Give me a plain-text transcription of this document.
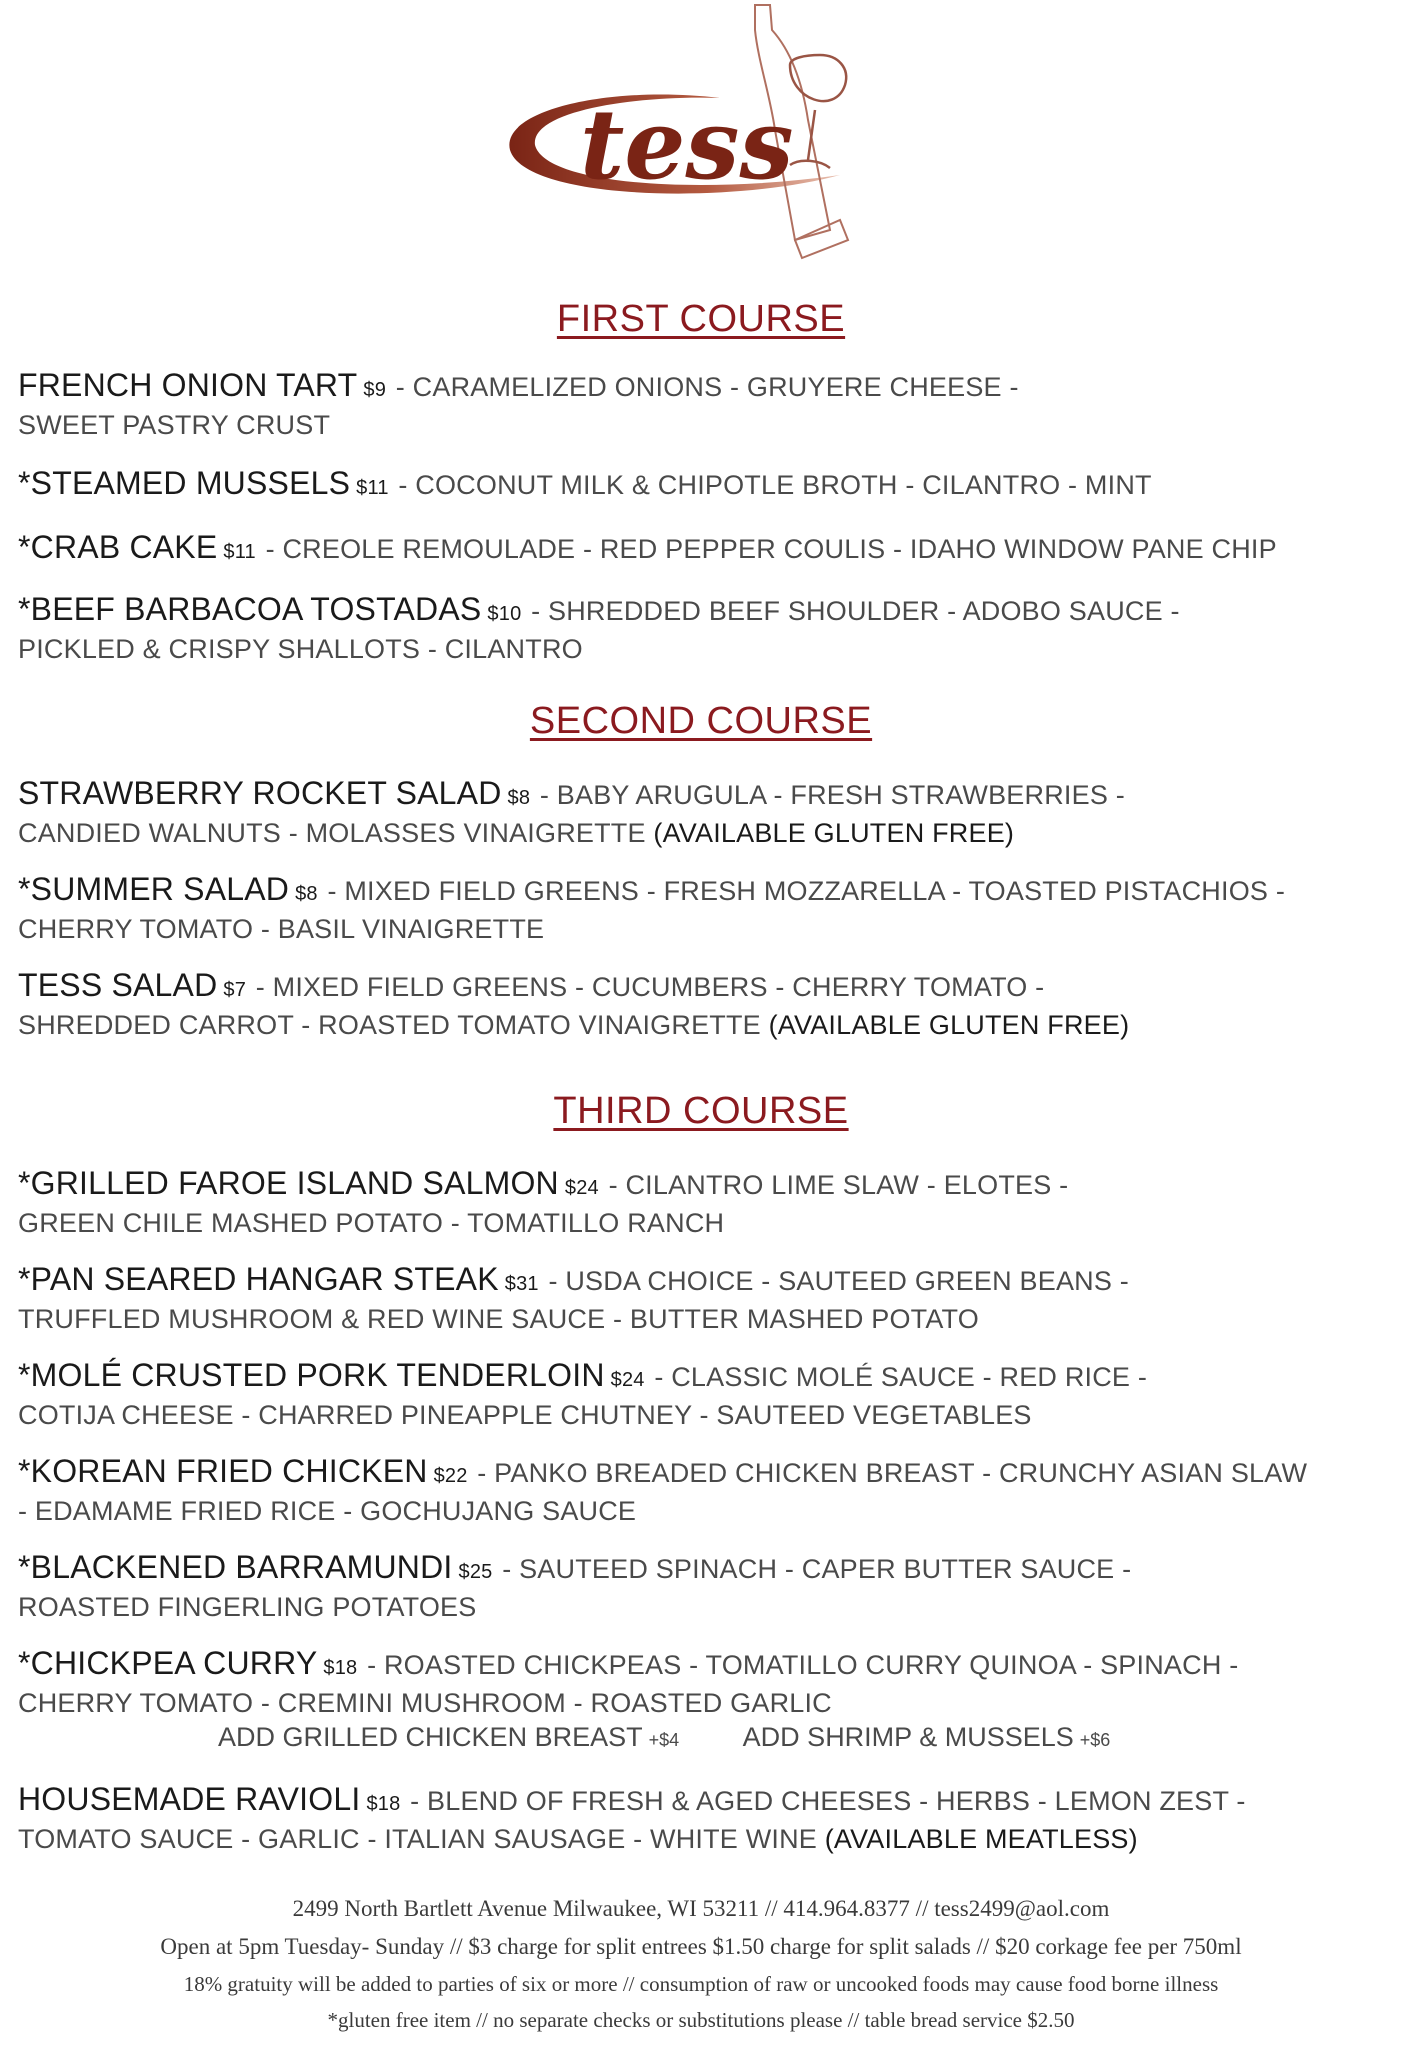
tess
FIRST COURSE
FRENCH ONION TART $9 - CARAMELIZED ONIONS - GRUYERE CHEESE -
SWEET PASTRY CRUST
*STEAMED MUSSELS $11 - COCONUT MILK & CHIPOTLE BROTH - CILANTRO - MINT
*CRAB CAKE $11 - CREOLE REMOULADE - RED PEPPER COULIS - IDAHO WINDOW PANE CHIP
*BEEF BARBACOA TOSTADAS $10 - SHREDDED BEEF SHOULDER - ADOBO SAUCE -
PICKLED & CRISPY SHALLOTS - CILANTRO
SECOND COURSE
STRAWBERRY ROCKET SALAD $8 - BABY ARUGULA - FRESH STRAWBERRIES -
CANDIED WALNUTS - MOLASSES VINAIGRETTE (AVAILABLE GLUTEN FREE)
*SUMMER SALAD $8 - MIXED FIELD GREENS - FRESH MOZZARELLA - TOASTED PISTACHIOS -
CHERRY TOMATO - BASIL VINAIGRETTE
TESS SALAD $7 - MIXED FIELD GREENS - CUCUMBERS - CHERRY TOMATO -
SHREDDED CARROT - ROASTED TOMATO VINAIGRETTE (AVAILABLE GLUTEN FREE)
THIRD COURSE
*GRILLED FAROE ISLAND SALMON $24 - CILANTRO LIME SLAW - ELOTES -
GREEN CHILE MASHED POTATO - TOMATILLO RANCH
*PAN SEARED HANGAR STEAK $31 - USDA CHOICE - SAUTEED GREEN BEANS -
TRUFFLED MUSHROOM & RED WINE SAUCE - BUTTER MASHED POTATO
*MOLÉ CRUSTED PORK TENDERLOIN $24 - CLASSIC MOLÉ SAUCE - RED RICE -
COTIJA CHEESE - CHARRED PINEAPPLE CHUTNEY - SAUTEED VEGETABLES
*KOREAN FRIED CHICKEN $22 - PANKO BREADED CHICKEN BREAST - CRUNCHY ASIAN SLAW
- EDAMAME FRIED RICE - GOCHUJANG SAUCE
*BLACKENED BARRAMUNDI $25 - SAUTEED SPINACH - CAPER BUTTER SAUCE -
ROASTED FINGERLING POTATOES
*CHICKPEA CURRY $18 - ROASTED CHICKPEAS - TOMATILLO CURRY QUINOA - SPINACH -
CHERRY TOMATO - CREMINI MUSHROOM - ROASTED GARLIC
ADD GRILLED CHICKEN BREAST +$4 ADD SHRIMP & MUSSELS +$6
HOUSEMADE RAVIOLI $18 - BLEND OF FRESH & AGED CHEESES - HERBS - LEMON ZEST -
TOMATO SAUCE - GARLIC - ITALIAN SAUSAGE - WHITE WINE (AVAILABLE MEATLESS)
2499 North Bartlett Avenue Milwaukee, WI 53211 // 414.964.8377 // tess2499@aol.com
Open at 5pm Tuesday- Sunday // $3 charge for split entrees $1.50 charge for split salads // $20 corkage fee per 750ml
18% gratuity will be added to parties of six or more // consumption of raw or uncooked foods may cause food borne illness
*gluten free item // no separate checks or substitutions please // table bread service $2.50
